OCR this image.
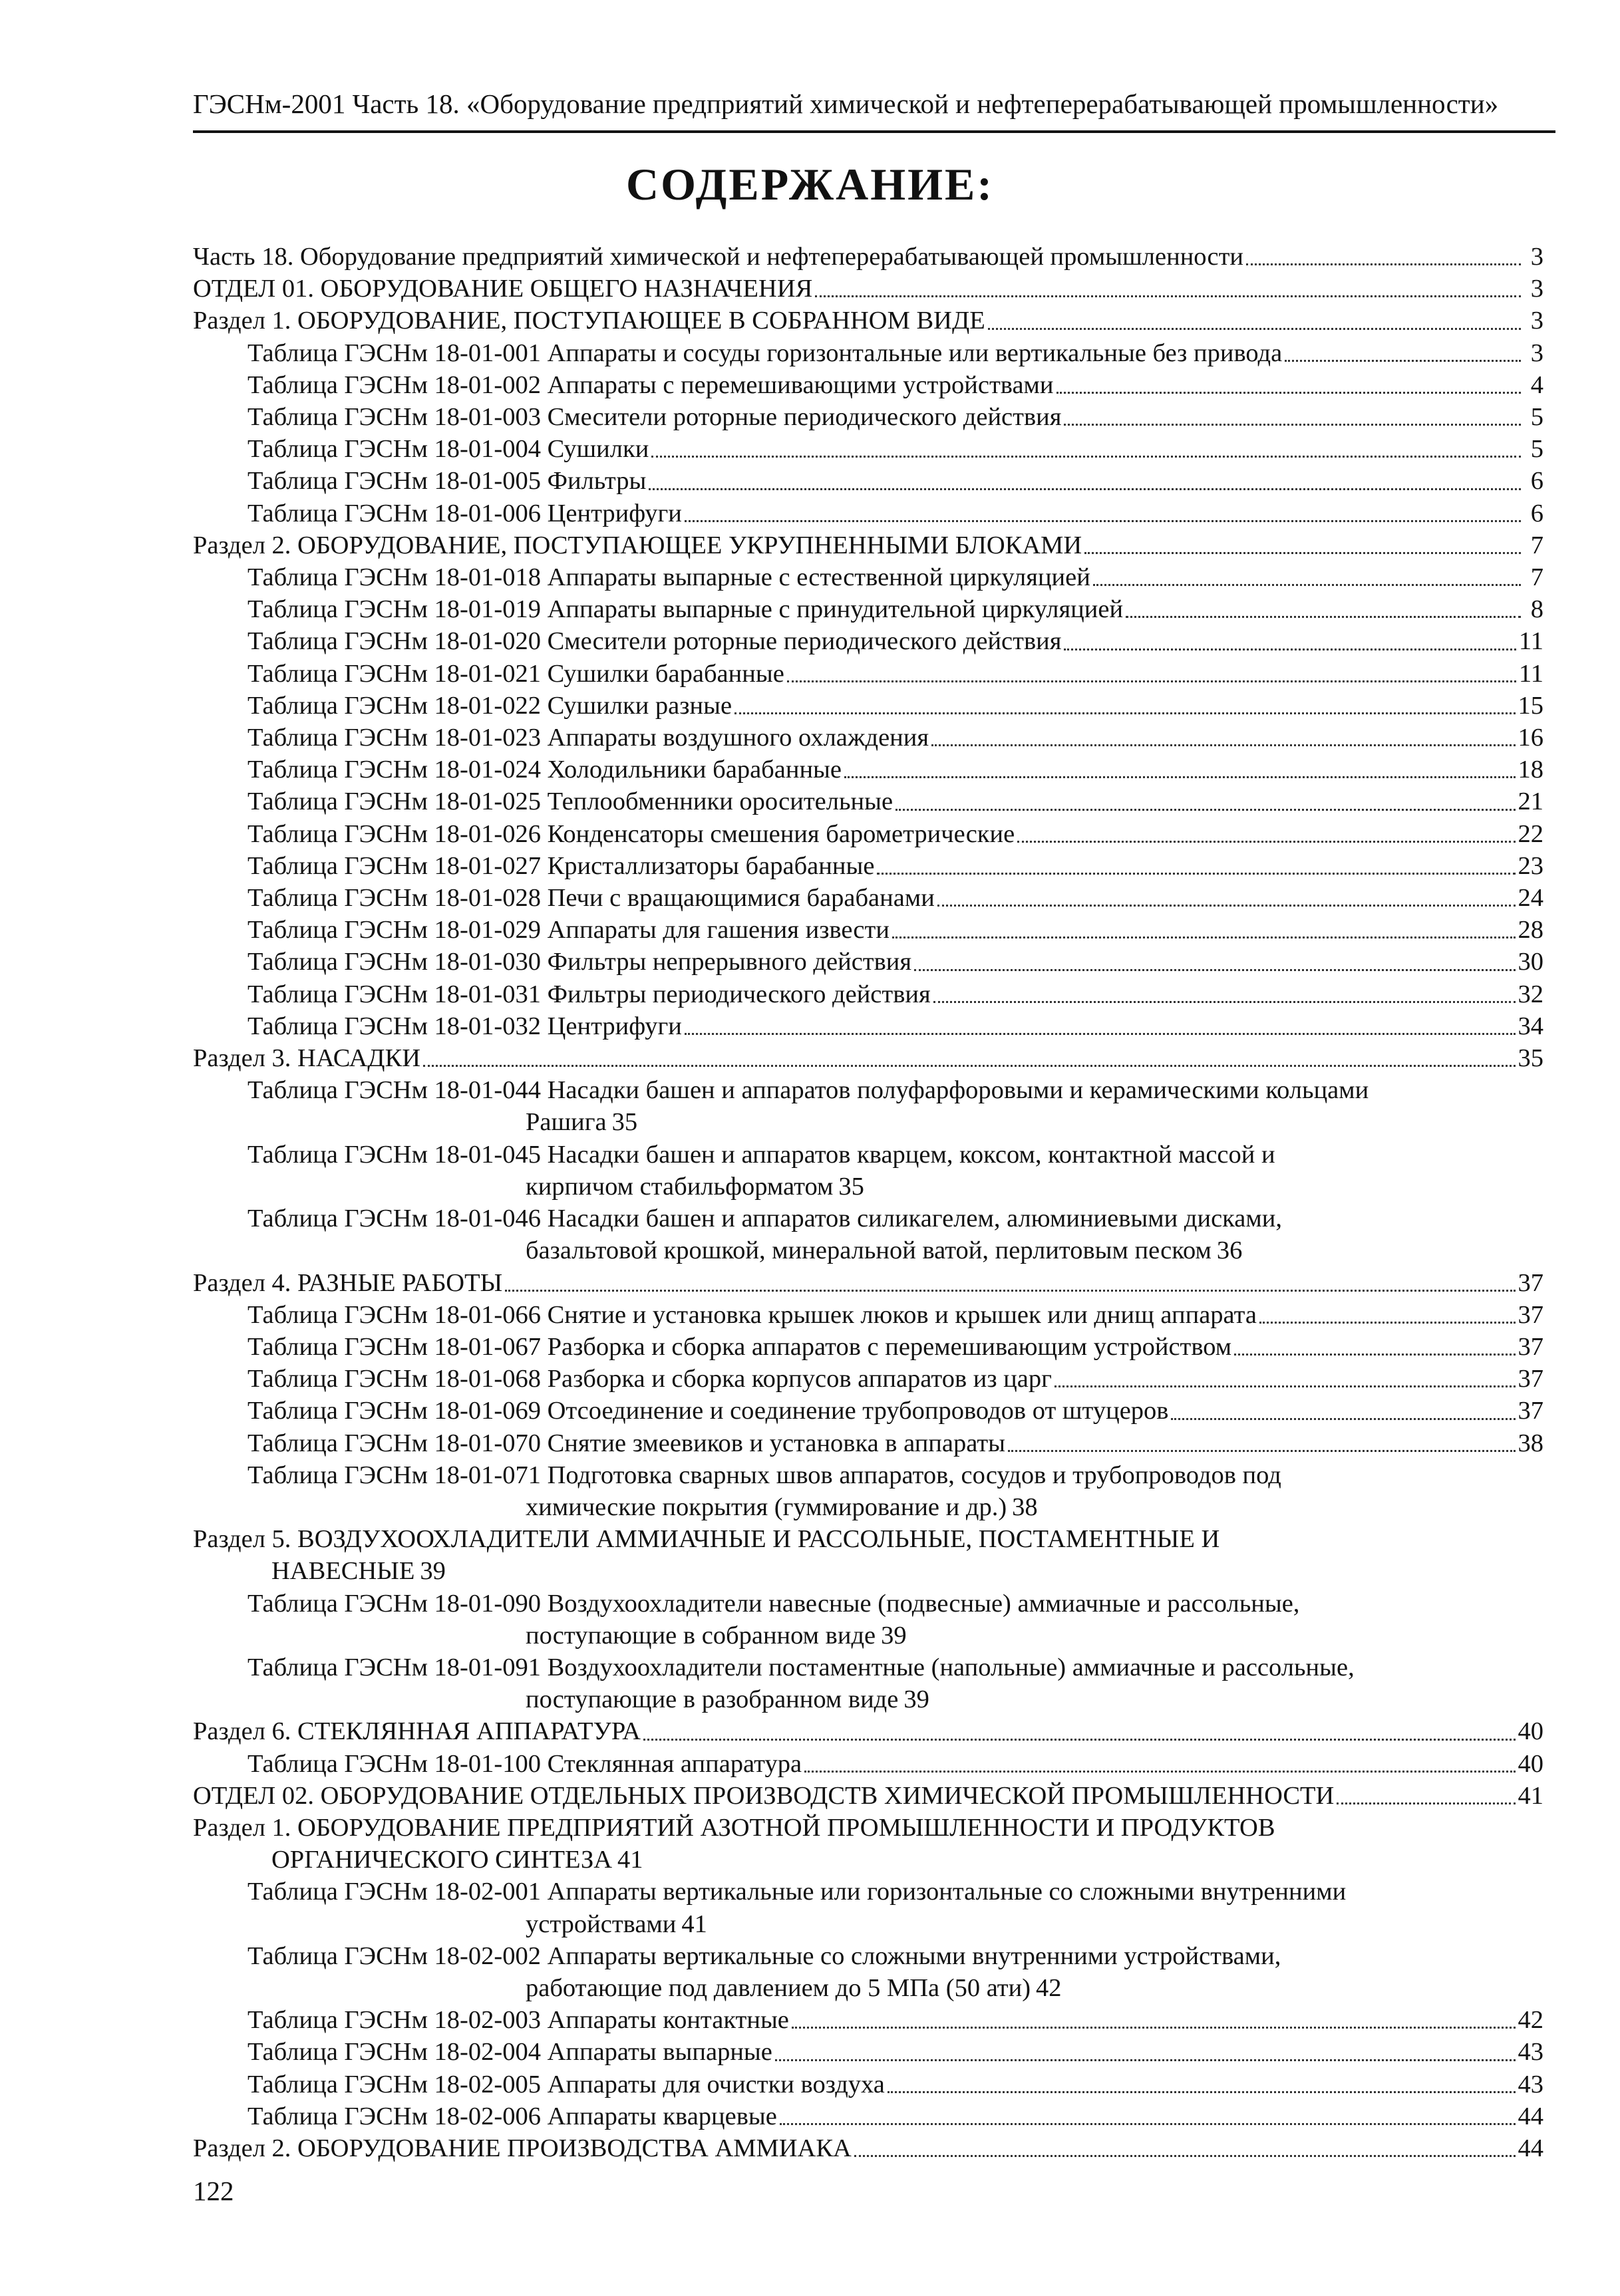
ГЭСНм-2001 Часть 18. «Оборудование предприятий химической и нефтеперерабатывающей промышленности»
СОДЕРЖАНИЕ:
Часть 18. Оборудование предприятий химической и нефтеперерабатывающей промышленности	3
ОТДЕЛ 01. ОБОРУДОВАНИЕ ОБЩЕГО НАЗНАЧЕНИЯ	3
Раздел 1. ОБОРУДОВАНИЕ, ПОСТУПАЮЩЕЕ В СОБРАННОМ ВИДЕ	3
Таблица ГЭСНм 18-01-001 Аппараты и сосуды горизонтальные или вертикальные без привода	3
Таблица ГЭСНм 18-01-002 Аппараты с перемешивающими устройствами	4
Таблица ГЭСНм 18-01-003 Смесители роторные периодического действия	5
Таблица ГЭСНм 18-01-004 Сушилки	5
Таблица ГЭСНм 18-01-005 Фильтры	6
Таблица ГЭСНм 18-01-006 Центрифуги	6
Раздел 2. ОБОРУДОВАНИЕ, ПОСТУПАЮЩЕЕ УКРУПНЕННЫМИ БЛОКАМИ	7
Таблица ГЭСНм 18-01-018 Аппараты выпарные с естественной циркуляцией	7
Таблица ГЭСНм 18-01-019 Аппараты выпарные с принудительной циркуляцией	8
Таблица ГЭСНм 18-01-020 Смесители роторные периодического действия	11
Таблица ГЭСНм 18-01-021 Сушилки барабанные	11
Таблица ГЭСНм 18-01-022 Сушилки разные	15
Таблица ГЭСНм 18-01-023 Аппараты воздушного охлаждения	16
Таблица ГЭСНм 18-01-024 Холодильники барабанные	18
Таблица ГЭСНм 18-01-025 Теплообменники оросительные	21
Таблица ГЭСНм 18-01-026 Конденсаторы смешения барометрические	22
Таблица ГЭСНм 18-01-027 Кристаллизаторы барабанные	23
Таблица ГЭСНм 18-01-028 Печи с вращающимися барабанами	24
Таблица ГЭСНм 18-01-029 Аппараты для гашения извести	28
Таблица ГЭСНм 18-01-030 Фильтры непрерывного действия	30
Таблица ГЭСНм 18-01-031 Фильтры периодического действия	32
Таблица ГЭСНм 18-01-032 Центрифуги	34
Раздел 3. НАСАДКИ	35
Таблица ГЭСНм 18-01-044 Насадки башен и аппаратов полуфарфоровыми и керамическими кольцами
Рашига 35
Таблица ГЭСНм 18-01-045 Насадки башен и аппаратов кварцем, коксом, контактной массой и
кирпичом стабильформатом 35
Таблица ГЭСНм 18-01-046 Насадки башен и аппаратов силикагелем, алюминиевыми дисками,
базальтовой крошкой, минеральной ватой, перлитовым песком 36
Раздел 4. РАЗНЫЕ РАБОТЫ	37
Таблица ГЭСНм 18-01-066 Снятие и установка крышек люков и крышек или днищ аппарата	37
Таблица ГЭСНм 18-01-067 Разборка и сборка аппаратов с перемешивающим устройством	37
Таблица ГЭСНм 18-01-068 Разборка и сборка корпусов аппаратов из царг	37
Таблица ГЭСНм 18-01-069 Отсоединение и соединение трубопроводов от штуцеров	37
Таблица ГЭСНм 18-01-070 Снятие змеевиков и установка в аппараты	38
Таблица ГЭСНм 18-01-071 Подготовка сварных швов аппаратов, сосудов и трубопроводов под
химические покрытия (гуммирование и др.) 38
Раздел 5. ВОЗДУХООХЛАДИТЕЛИ АММИАЧНЫЕ И РАССОЛЬНЫЕ, ПОСТАМЕНТНЫЕ И
НАВЕСНЫЕ 39
Таблица ГЭСНм 18-01-090 Воздухоохладители навесные (подвесные) аммиачные и рассольные,
поступающие в собранном виде 39
Таблица ГЭСНм 18-01-091 Воздухоохладители постаментные (напольные) аммиачные и рассольные,
поступающие в разобранном виде 39
Раздел 6. СТЕКЛЯННАЯ АППАРАТУРА	40
Таблица ГЭСНм 18-01-100 Стеклянная аппаратура	40
ОТДЕЛ 02. ОБОРУДОВАНИЕ ОТДЕЛЬНЫХ ПРОИЗВОДСТВ ХИМИЧЕСКОЙ ПРОМЫШЛЕННОСТИ	41
Раздел 1. ОБОРУДОВАНИЕ ПРЕДПРИЯТИЙ АЗОТНОЙ ПРОМЫШЛЕННОСТИ И ПРОДУКТОВ
ОРГАНИЧЕСКОГО СИНТЕЗА 41
Таблица ГЭСНм 18-02-001 Аппараты вертикальные или горизонтальные со сложными внутренними
устройствами 41
Таблица ГЭСНм 18-02-002 Аппараты вертикальные со сложными внутренними устройствами,
работающие под давлением до 5 МПа (50 ати) 42
Таблица ГЭСНм 18-02-003 Аппараты контактные	42
Таблица ГЭСНм 18-02-004 Аппараты выпарные	43
Таблица ГЭСНм 18-02-005 Аппараты для очистки воздуха	43
Таблица ГЭСНм 18-02-006 Аппараты кварцевые	44
Раздел 2. ОБОРУДОВАНИЕ ПРОИЗВОДСТВА АММИАКА	44
122
